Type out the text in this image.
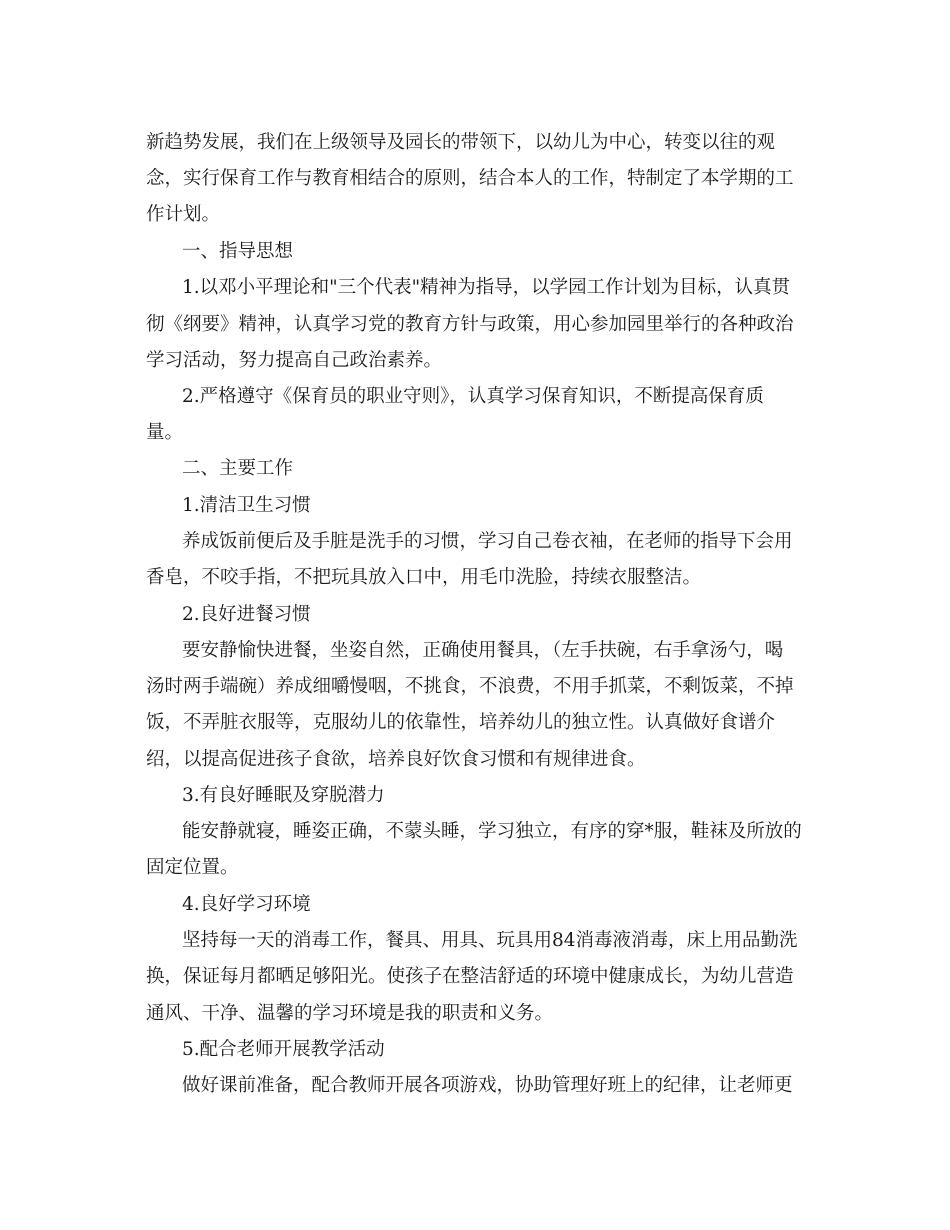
新趋势发展，我们在上级领导及园长的带领下，以幼儿为中心，转变以往的观
念，实行保育工作与教育相结合的原则，结合本人的工作，特制定了本学期的工
作计划。
一、指导思想
1.以邓小平理论和"三个代表"精神为指导，以学园工作计划为目标，认真贯
彻《纲要》精神，认真学习党的教育方针与政策，用心参加园里举行的各种政治
学习活动，努力提高自己政治素养。
2.严格遵守《保育员的职业守则》，认真学习保育知识，不断提高保育质
量。
二、主要工作
1.清洁卫生习惯
养成饭前便后及手脏是洗手的习惯，学习自己卷衣袖，在老师的指导下会用
香皂，不咬手指，不把玩具放入口中，用毛巾洗脸，持续衣服整洁。
2.良好进餐习惯
要安静愉快进餐，坐姿自然，正确使用餐具，（左手扶碗，右手拿汤勺，喝
汤时两手端碗）养成细嚼慢咽，不挑食，不浪费，不用手抓菜，不剩饭菜，不掉
饭，不弄脏衣服等，克服幼儿的依靠性，培养幼儿的独立性。认真做好食谱介
绍，以提高促进孩子食欲，培养良好饮食习惯和有规律进食。
3.有良好睡眠及穿脱潜力
能安静就寝，睡姿正确，不蒙头睡，学习独立，有序的穿*服，鞋袜及所放的
固定位置。
4.良好学习环境
坚持每一天的消毒工作，餐具、用具、玩具用84消毒液消毒，床上用品勤洗
换，保证每月都晒足够阳光。使孩子在整洁舒适的环境中健康成长，为幼儿营造
通风、干净、温馨的学习环境是我的职责和义务。
5.配合老师开展教学活动
做好课前准备，配合教师开展各项游戏，协助管理好班上的纪律，让老师更
